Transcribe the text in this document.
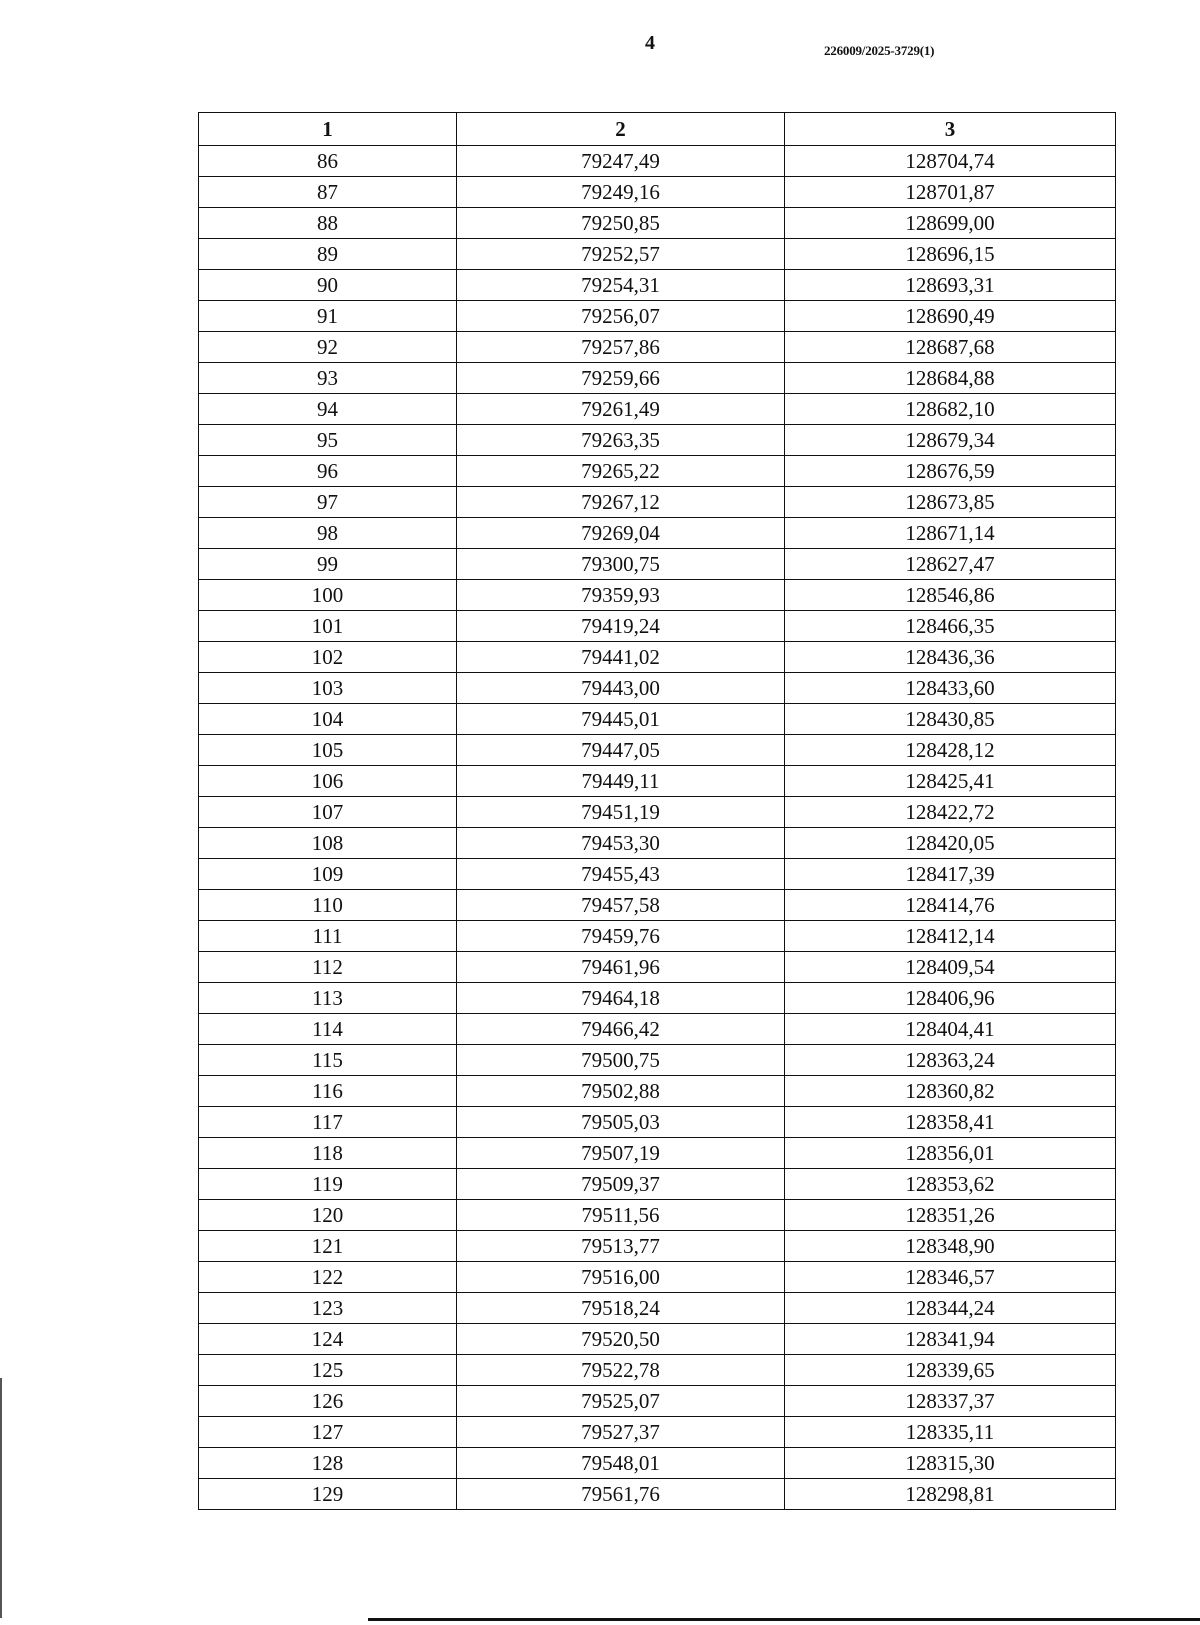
4	226009/2025-3729(1)
1	2	3
86	79247,49	128704,74
87	79249,16	128701,87
88	79250,85	128699,00
89	79252,57	128696,15
90	79254,31	128693,31
91	79256,07	128690,49
92	79257,86	128687,68
93	79259,66	128684,88
94	79261,49	128682,10
95	79263,35	128679,34
96	79265,22	128676,59
97	79267,12	128673,85
98	79269,04	128671,14
99	79300,75	128627,47
100	79359,93	128546,86
101	79419,24	128466,35
102	79441,02	128436,36
103	79443,00	128433,60
104	79445,01	128430,85
105	79447,05	128428,12
106	79449,11	128425,41
107	79451,19	128422,72
108	79453,30	128420,05
109	79455,43	128417,39
110	79457,58	128414,76
111	79459,76	128412,14
112	79461,96	128409,54
113	79464,18	128406,96
114	79466,42	128404,41
115	79500,75	128363,24
116	79502,88	128360,82
117	79505,03	128358,41
118	79507,19	128356,01
119	79509,37	128353,62
120	79511,56	128351,26
121	79513,77	128348,90
122	79516,00	128346,57
123	79518,24	128344,24
124	79520,50	128341,94
125	79522,78	128339,65
126	79525,07	128337,37
127	79527,37	128335,11
128	79548,01	128315,30
129	79561,76	128298,81
